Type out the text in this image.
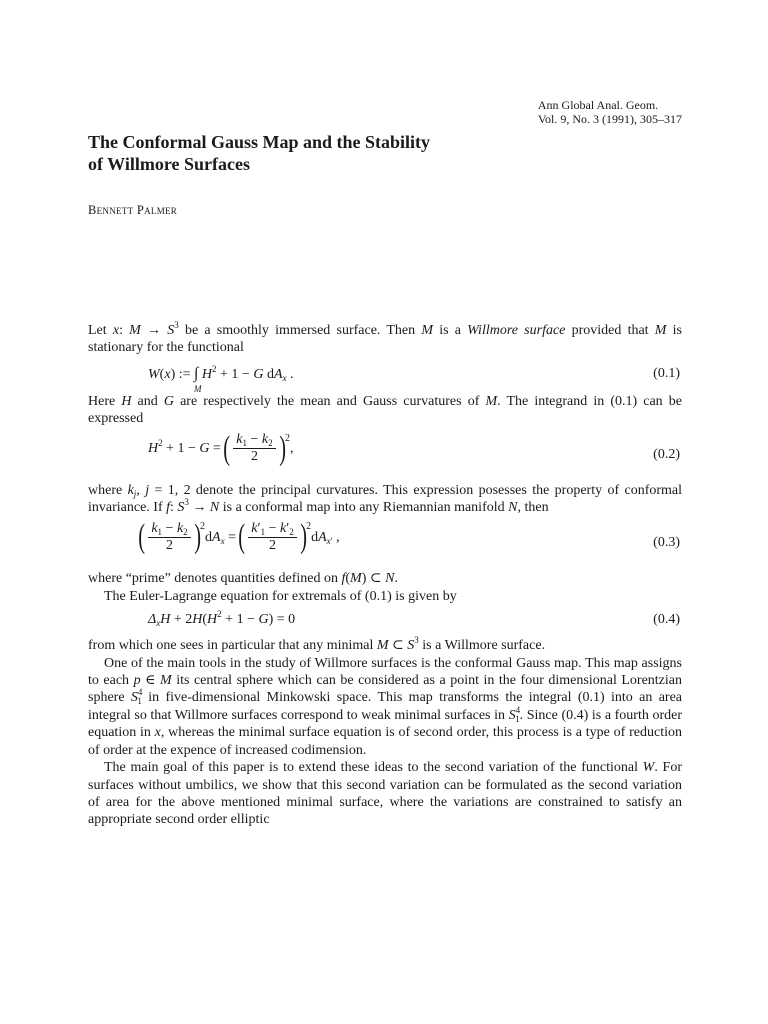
Ann Global Anal. Geom.
Vol. 9, No. 3 (1991), 305–317
The Conformal Gauss Map and the Stability
of Willmore Surfaces
Bennett Palmer

Let x: $M \to S^3$ be a smoothly immersed surface. Then M is a Willmore surface provided that M is stationary for the functional

W(x) := ∫
M
$H^2 + 1 - G$ $dA_x$ .	(0.1)

Here H and G are respectively the mean and Gauss curvatures of M. The integrand in (0.1) can be expressed

$H^2 + 1 - G$ =( $\frac{k_1 - k_2}{2} )2$,	(0.2)

where $k_j$, j = 1, 2 denote the principal curvatures. This expression posesses the property of conformal invariance. If f: $S^3 \to N$ is a conformal map into any Riemannian manifold N, then

( $\frac{k_1 - k_2}{2} )2dA_x$ =( $\frac{k'_1 - k'_2}{2} )2dA_{x'}$ ,	(0.3)

where “prime” denotes quantities defined on f(M) ⊂ N.

The Euler-Lagrange equation for extremals of (0.1) is given by

$\Delta_xH + 2H(H^2 + 1 - G) = 0$	(0.4)

from which one sees in particular that any minimal M ⊂ $S^3$ is a Willmore surface.

One of the main tools in the study of Willmore surfaces is the conformal Gauss map. This map assigns to each p ∈ M its central sphere which can be considered as a point in the four dimensional Lorentzian sphere $S^4_1$ in five-dimensional Minkowski space. This map transforms the integral (0.1) into an area integral so that Willmore surfaces correspond to weak minimal surfaces in $S^4_1$. Since (0.4) is a fourth order equation in x, whereas the minimal surface equation is of second order, this process is a type of reduction of order at the expence of increased codimension.

The main goal of this paper is to extend these ideas to the second variation of the functional W. For surfaces without umbilics, we show that this second variation can be formulated as the second variation of area for the above mentioned minimal surface, where the variations are constrained to satisfy an appropriate second order elliptic
